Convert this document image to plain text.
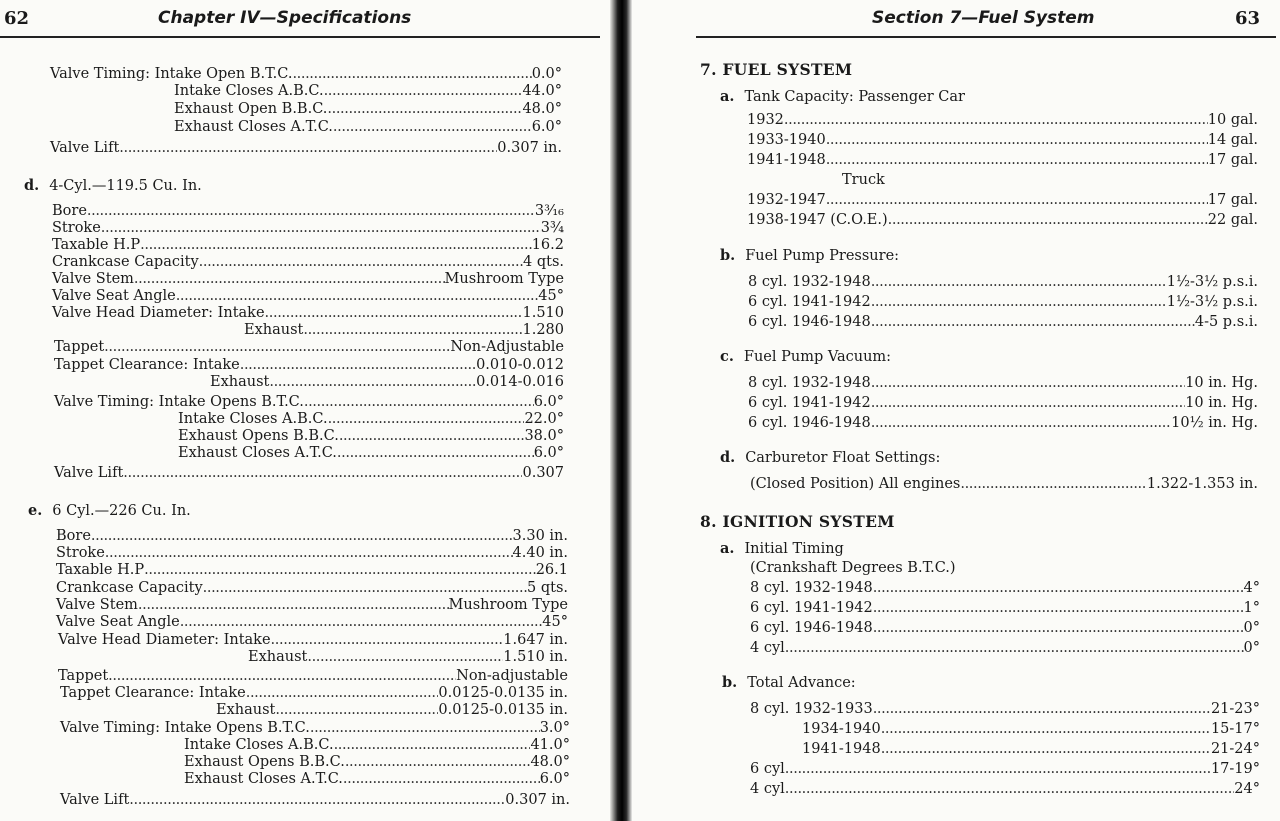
62	Chapter IV—Specifications
Valve Timing: Intake Open B.T.C. . . .	0.0°
Intake Closes A.B.C. . . .	44.0°
Exhaust Open B.B.C. . . .	48.0°
Exhaust Closes A.T.C. . . .	6.0°
Valve Lift . . .	0.307 in.
d. 4-Cyl.—119.5 Cu. In.
Bore . . .	3³⁄₁₆
Stroke . . .	3¾
Taxable H.P . . .	16.2
Crankcase Capacity . . .	4 qts.
Valve Stem . . .	Mushroom Type
Valve Seat Angle . . .	45°
Valve Head Diameter: Intake . . .	1.510
Exhaust . . .	1.280
Tappet . . .	Non-Adjustable
Tappet Clearance: Intake . . .	0.010-0.012
Exhaust . . .	0.014-0.016
Valve Timing: Intake Opens B.T.C. . . .	6.0°
Intake Closes A.B.C. . . .	22.0°
Exhaust Opens B.B.C. . . .	38.0°
Exhaust Closes A.T.C. . . .	6.0°
Valve Lift . . .	0.307
e. 6 Cyl.—226 Cu. In.
Bore . . .	3.30 in.
Stroke . . .	4.40 in.
Taxable H.P . . .	26.1
Crankcase Capacity . . .	5 qts.
Valve Stem . . .	Mushroom Type
Valve Seat Angle . . .	45°
Valve Head Diameter: Intake . . .	1.647 in.
Exhaust . . .	1.510 in.
Tappet . . .	Non-adjustable
Tappet Clearance: Intake . . .	0.0125-0.0135 in.
Exhaust . . .	0.0125-0.0135 in.
Valve Timing: Intake Opens B.T.C. . . .	3.0°
Intake Closes A.B.C. . . .	41.0°
Exhaust Opens B.B.C. . . .	48.0°
Exhaust Closes A.T.C. . . .	6.0°
Valve Lift . . .	0.307 in.
Section 7—Fuel System	63
7. FUEL SYSTEM
a. Tank Capacity: Passenger Car
1932 . . .	10 gal.
1933-1940 . . .	14 gal.
1941-1948 . . .	17 gal.
Truck
1932-1947 . . .	17 gal.
1938-1947 (C.O.E.) . . .	22 gal.
b. Fuel Pump Pressure:
8 cyl. 1932-1948 . . .	1½-3½ p.s.i.
6 cyl. 1941-1942 . . .	1½-3½ p.s.i.
6 cyl. 1946-1948 . . .	4-5 p.s.i.
c. Fuel Pump Vacuum:
8 cyl. 1932-1948 . . .	10 in. Hg.
6 cyl. 1941-1942 . . .	10 in. Hg.
6 cyl. 1946-1948 . . .	10½ in. Hg.
d. Carburetor Float Settings:
(Closed Position) All engines . . .	1.322-1.353 in.
8. IGNITION SYSTEM
a. Initial Timing
(Crankshaft Degrees B.T.C.)
8 cyl. 1932-1948 . . .	4°
6 cyl. 1941-1942 . . .	1°
6 cyl. 1946-1948 . . .	0°
4 cyl . . .	0°
b. Total Advance:
8 cyl. 1932-1933 . . .	21-23°
1934-1940 . . .	15-17°
1941-1948 . . .	21-24°
6 cyl . . .	17-19°
4 cyl . . .	24°
